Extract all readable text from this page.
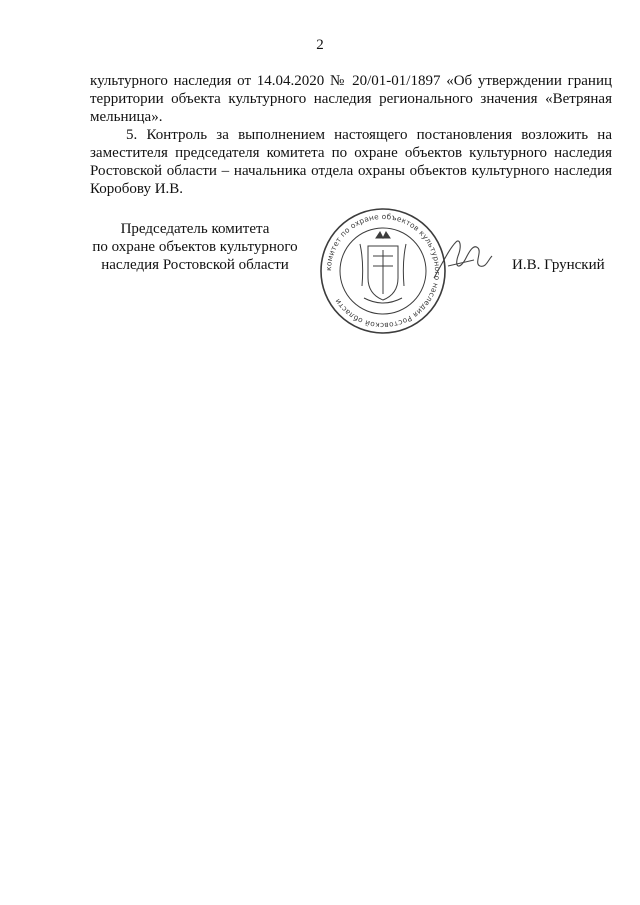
2

культурного наследия от 14.04.2020 № 20/01-01/1897 «Об утверждении границ территории объекта культурного наследия регионального значения «Ветряная мельница».

5. Контроль за выполнением настоящего постановления возложить на заместителя председателя комитета по охране объектов культурного наследия Ростовской области – начальника отдела охраны объектов культурного наследия Коробову И.В.

Председатель комитета
по охране объектов культурного
наследия Ростовской области	комитет по охране объектов культурного наследия Ростовской области
И.В. Грунский
